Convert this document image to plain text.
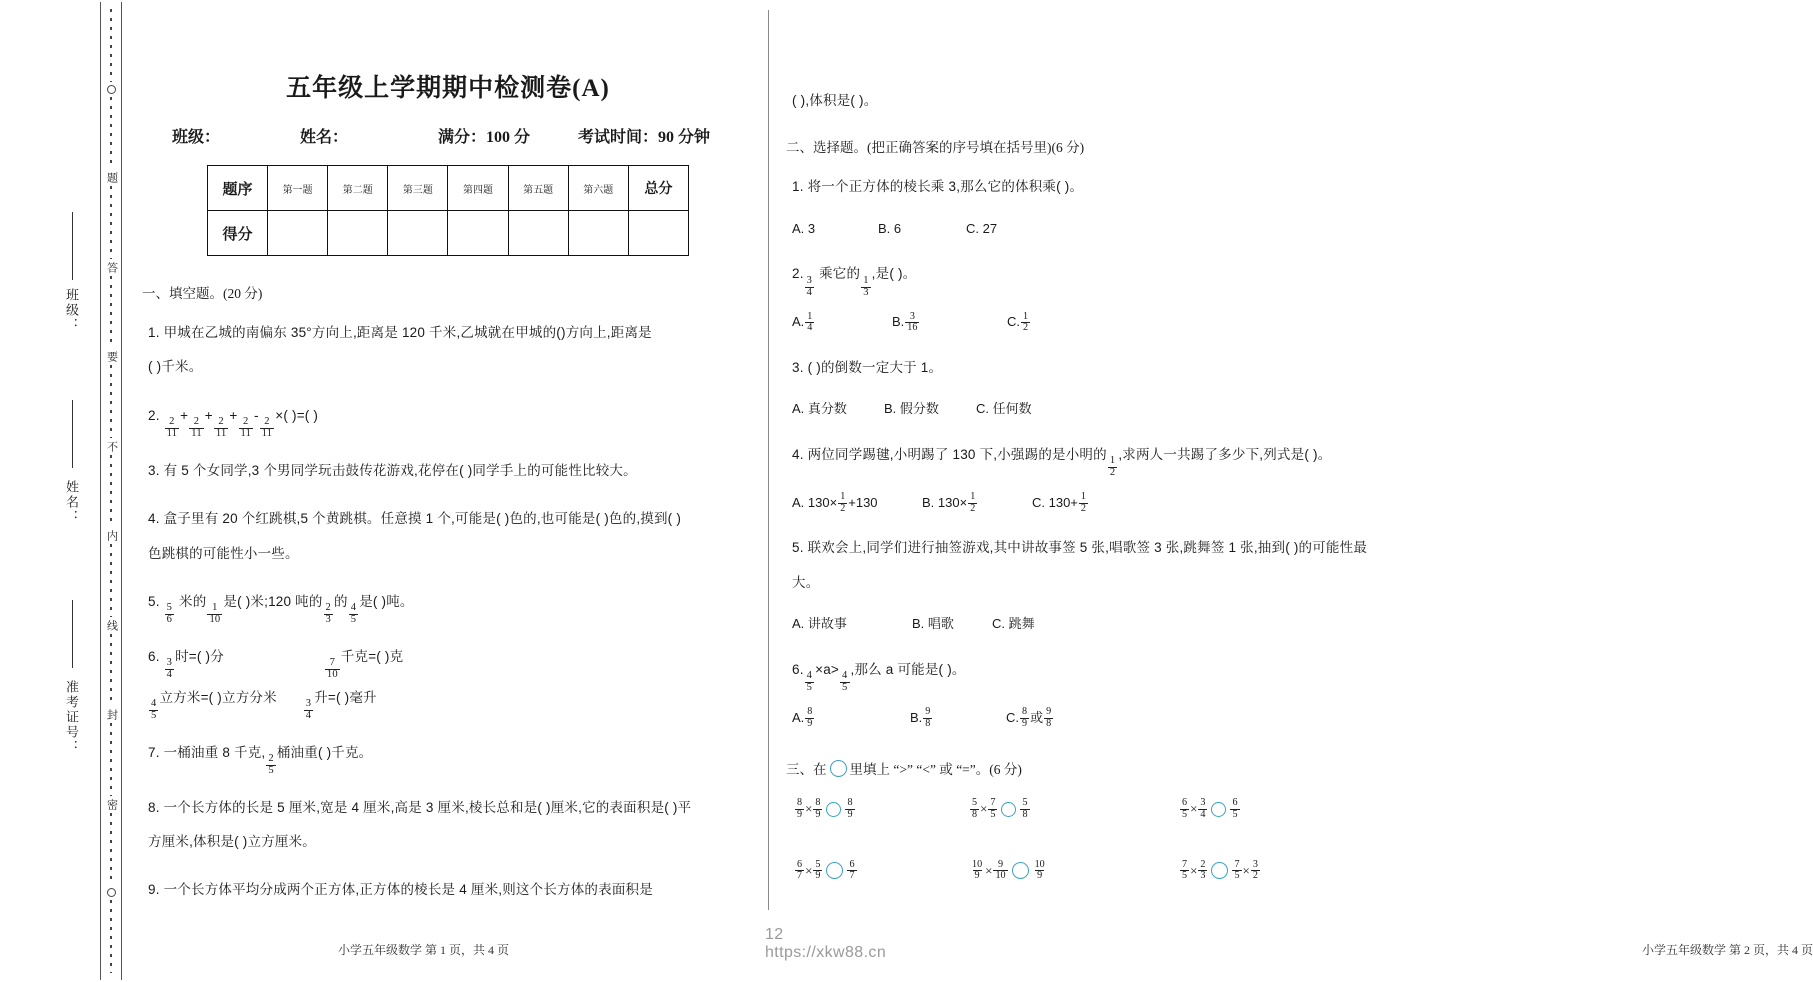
班级：
姓名：
准考证号：
题
答
要
不
内
线
封
密
五年级上学期期中检测卷(A)
班级：	姓名：	满分：100 分	考试时间：90 分钟
题序	第一题	第二题	第三题	第四题	第五题	第六题	总分
得分							
一、填空题。(20 分)
1. 甲城在乙城的南偏东 35°方向上,距离是 120 千米,乙城就在甲城的()方向上,距离是
( )千米。
2.
$\frac{2}{11}$
+
$\frac{2}{11}$
+
$\frac{2}{11}$
+
$\frac{2}{11}$
-
$\frac{2}{11}$
×( )=( )
3. 有 5 个女同学,3 个男同学玩击鼓传花游戏,花停在( )同学手上的可能性比较大。
4. 盒子里有 20 个红跳棋,5 个黄跳棋。任意摸 1 个,可能是( )色的,也可能是( )色的,摸到( )
色跳棋的可能性小一些。
5.
$\frac{5}{6}$
米的
$\frac{1}{10}$
是( )米;120 吨的
$\frac{2}{3}$
的
$\frac{4}{5}$
是( )吨。
6.
$\frac{3}{4}$
时=( )分
$\frac{7}{10}$
千克=( )克

$\frac{4}{5}$
立方米=( )立方分米
$\frac{3}{4}$
升=( )毫升
7. 一桶油重 8 千克,
$\frac{2}{5}$
桶油重( )千克。
8. 一个长方体的长是 5 厘米,宽是 4 厘米,高是 3 厘米,棱长总和是( )厘米,它的表面积是( )平
方厘米,体积是( )立方厘米。
9. 一个长方体平均分成两个正方体,正方体的棱长是 4 厘米,则这个长方体的表面积是
小学五年级数学 第 1 页，共 4 页
12 https://xkw88.cn
( ),体积是( )。
二、选择题。(把正确答案的序号填在括号里)(6 分)
1. 将一个正方体的棱长乘 3,那么它的体积乘( )。
A. 3	B. 6	C. 27
2.
$\frac{3}{4}$
乘它的
$\frac{1}{3}$
,是( )。
A. $\frac{1}{4}$	B. $\frac{3}{16}$	C. $\frac{1}{2}$
3. ( )的倒数一定大于 1。
A. 真分数	B. 假分数	C. 任何数
4. 两位同学踢毽,小明踢了 130 下,小强踢的是小明的
$\frac{1}{2}$
,求两人一共踢了多少下,列式是( )。
A. $130\times \frac{1}{2} +130$	B. $130\times \frac{1}{2}$	C. $130+ \frac{1}{2}$
5. 联欢会上,同学们进行抽签游戏,其中讲故事签 5 张,唱歌签 3 张,跳舞签 1 张,抽到( )的可能性最
大。
A. 讲故事	B. 唱歌	C. 跳舞
6.
$\frac{4}{5}$
×a>
$\frac{4}{5}$
,那么 a 可能是( )。
A. $\frac{8}{9}$	B. $\frac{9}{8}$	C. $\frac{8}{9}$ 或 $\frac{9}{8}$
三、在 里填上 “>” “<” 或 “=”。(6 分)
$\frac{8}{9} \times \frac{8}{9} \frac{8}{9}$	$\frac{5}{8} \times \frac{7}{5} \frac{5}{8}$	$\frac{6}{5} \times \frac{3}{4} \frac{6}{5}$
$\frac{6}{7} \times \frac{5}{9} \frac{6}{7}$	$\frac{10}{9} \times \frac{9}{10} \frac{10}{9}$	$\frac{7}{5} \times \frac{2}{3} \frac{7}{5} \times \frac{3}{2}$
小学五年级数学 第 2 页，共 4 页
